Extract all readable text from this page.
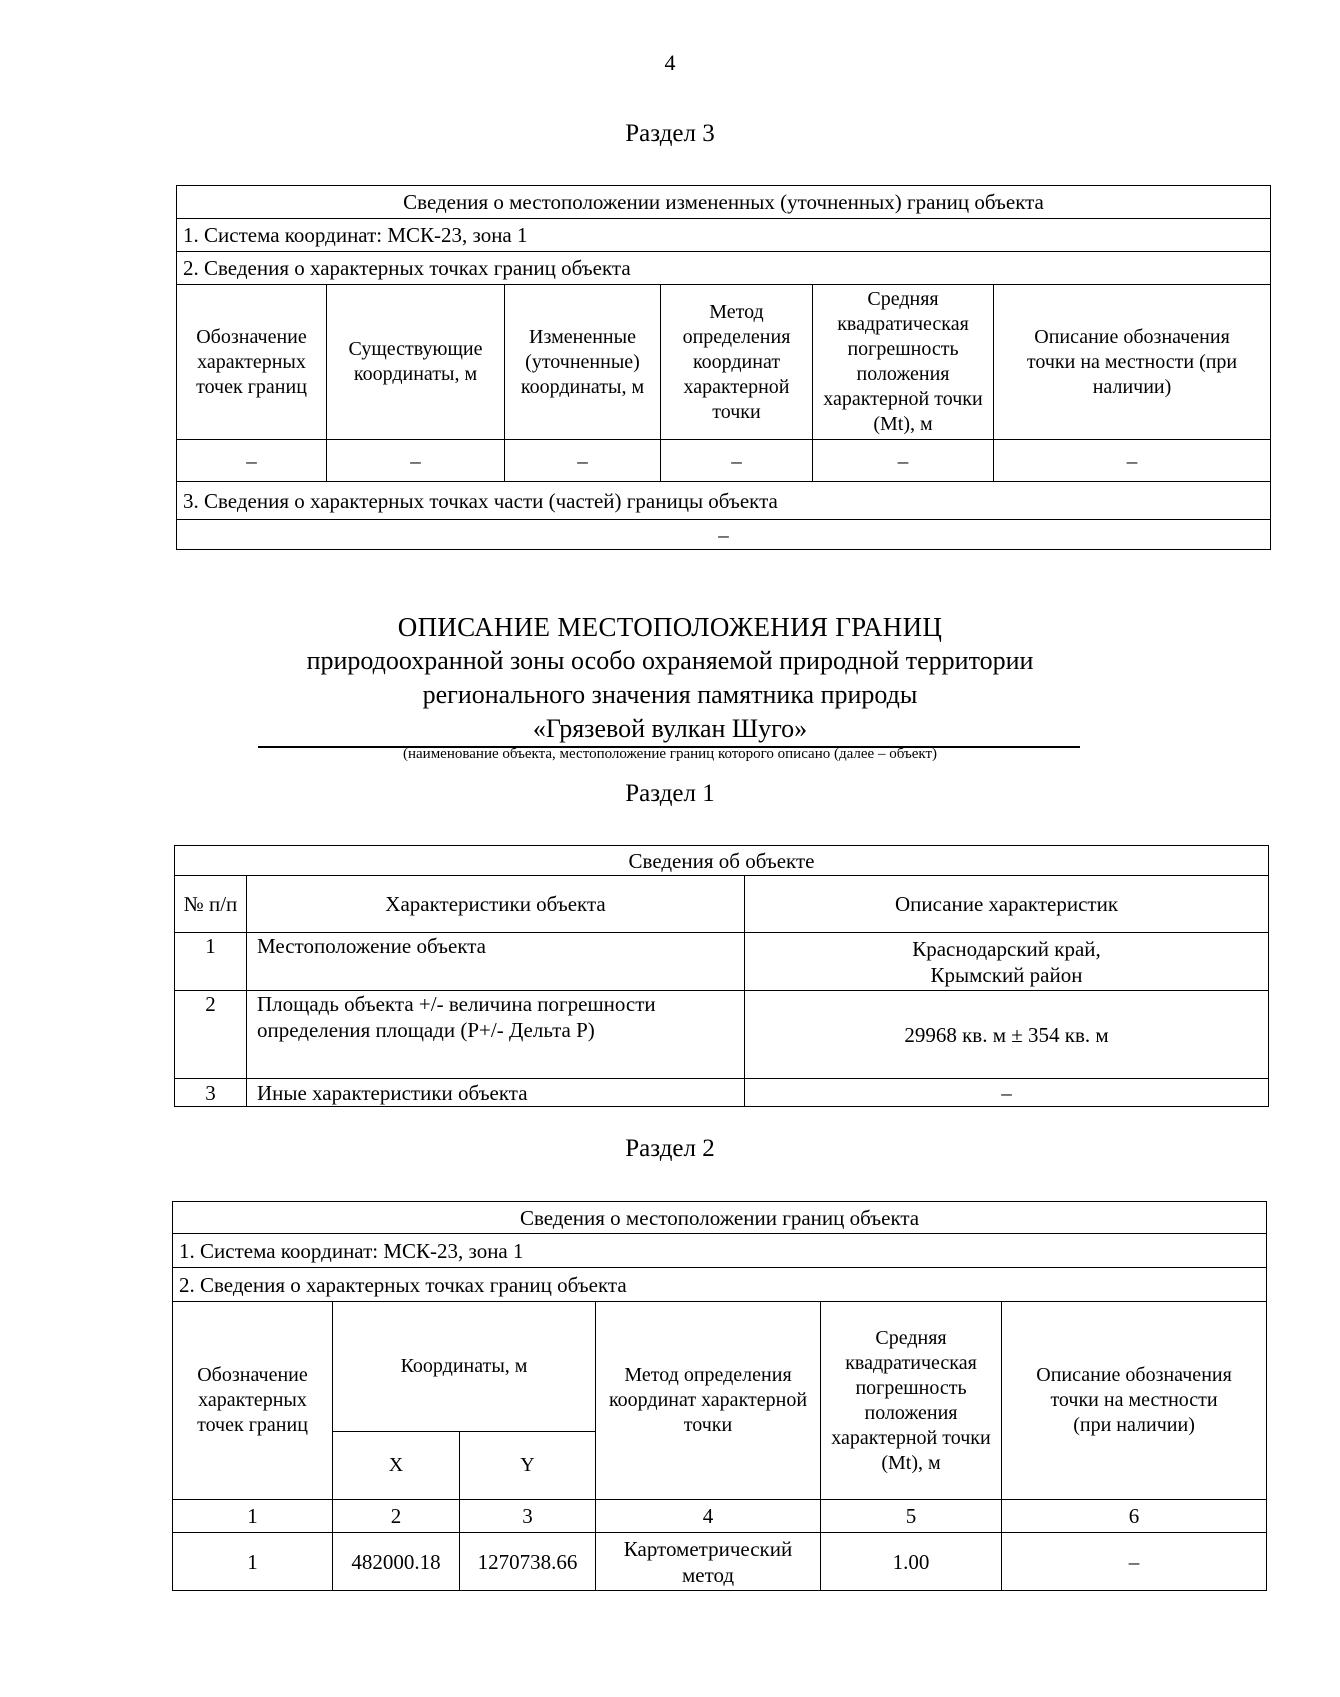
4
Раздел 3
Сведения о местоположении измененных (уточненных) границ объекта					
1. Система координат: МСК-23, зона 1					
2. Сведения о характерных точках границ объекта					
Обозначение характерных точек границ	Существующие координаты, м	Измененные (уточненные) координаты, м	Метод определения координат характерной точки	Средняя квадратическая погрешность положения характерной точки (Mt), м	Описание обозначения точки на местности (при наличии)
–	–	–	–	–	–
3. Сведения о характерных точках части (частей) границы объекта					
–					
ОПИСАНИЕ МЕСТОПОЛОЖЕНИЯ ГРАНИЦ
природоохранной зоны особо охраняемой природной территории
регионального значения памятника природы
«Грязевой вулкан Шуго»
(наименование объекта, местоположение границ которого описано (далее – объект)
Раздел 1
Сведения об объекте		
№ п/п	Характеристики объекта	Описание характеристик
1	Местоположение объекта	Краснодарский край, Крымский район
2	Площадь объекта +/- величина погрешности определения площади (P+/- Дельта P)	29968 кв. м ± 354 кв. м
3	Иные характеристики объекта	–
Раздел 2
Сведения о местоположении границ объекта					
1. Система координат: МСК-23, зона 1					
2. Сведения о характерных точках границ объекта					
Обозначение характерных точек границ	Координаты, м		Метод определения координат характерной точки	Средняя квадратическая погрешность положения характерной точки (Mt), м	Описание обозначения точки на местности (при наличии)
	X	Y			
1	2	3	4	5	6
1	482000.18	1270738.66	Картометрический метод	1.00	–
